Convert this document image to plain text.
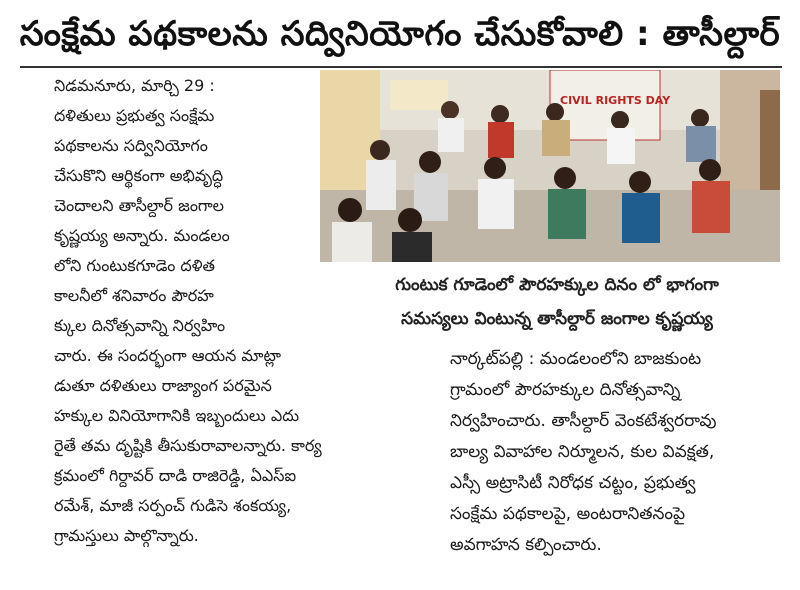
సంక్షేమ పథకాలను సద్వినియోగం చేసుకోవాలి : తాసీల్దార్
నిడమనూరు, మార్చి 29 :
దళితులు ప్రభుత్వ సంక్షేమ
పథకాలను సద్వినియోగం
చేసుకొని ఆర్థికంగా అభివృద్ధి
చెందాలని తాసీల్దార్ జంగాల
కృష్ణయ్య అన్నారు. మండలం
లోని గుంటుకగూడెం దళిత
కాలనీలో శనివారం పౌరహ
క్కుల దినోత్సవాన్ని నిర్వహిం
చారు. ఈ సందర్భంగా ఆయన మాట్లా
డుతూ దళితులు రాజ్యాంగ పరమైన
హక్కుల వినియోగానికి ఇబ్బందులు ఎదు
రైతే తమ దృష్టికి తీసుకురావాలన్నారు. కార్య
క్రమంలో గిర్దావర్ దాడి రాజిరెడ్డి, ఏఎస్ఐ
రమేశ్, మాజీ సర్పంచ్ గుడిసె శంకయ్య,
గ్రామస్తులు పాల్గొన్నారు.
CIVIL RIGHTS DAY
గుంటుక గూడెంలో పౌరహక్కుల దినం లో భాగంగా
సమస్యలు వింటున్న తాసీల్దార్ జంగాల కృష్ణయ్య
నార్కట్‌పల్లి : మండలంలోని బాజకుంట
గ్రామంలో పౌరహక్కుల దినోత్సవాన్ని
నిర్వహించారు. తాసీల్దార్ వెంకటేశ్వరరావు
బాల్య వివాహాల నిర్మూలన, కుల వివక్షత,
ఎస్సీ అట్రాసిటీ నిరోధక చట్టం, ప్రభుత్వ
సంక్షేమ పథకాలపై, అంటరానితనంపై
అవగాహన కల్పించారు.
